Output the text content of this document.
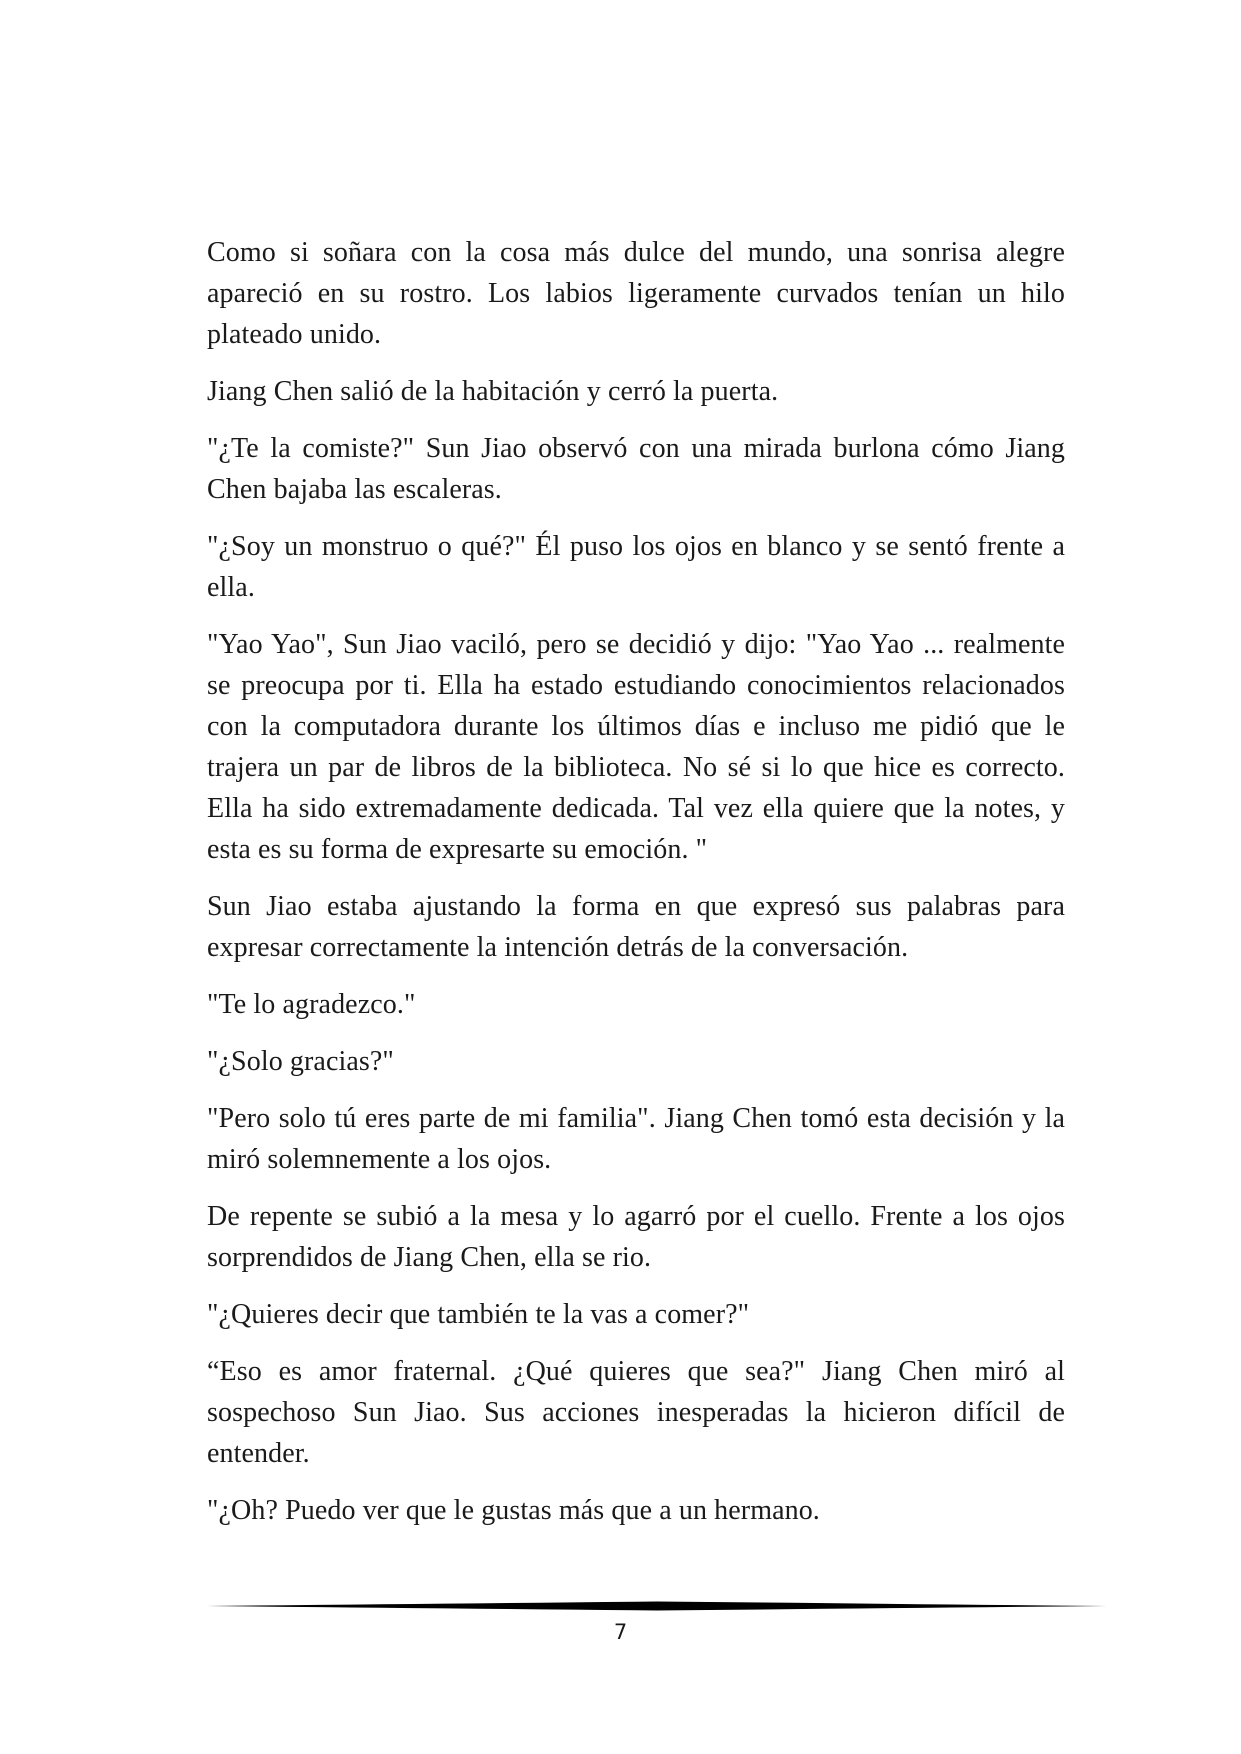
Como si soñara con la cosa más dulce del mundo, una sonrisa alegre apareció en su rostro. Los labios ligeramente curvados tenían un hilo plateado unido.

Jiang Chen salió de la habitación y cerró la puerta.

"¿Te la comiste?" Sun Jiao observó con una mirada burlona cómo Jiang Chen bajaba las escaleras.

"¿Soy un monstruo o qué?" Él puso los ojos en blanco y se sentó frente a ella.

"Yao Yao", Sun Jiao vaciló, pero se decidió y dijo: "Yao Yao ... realmente se preocupa por ti. Ella ha estado estudiando conocimientos relacionados con la computadora durante los últimos días e incluso me pidió que le trajera un par de libros de la biblioteca. No sé si lo que hice es correcto. Ella ha sido extremadamente dedicada. Tal vez ella quiere que la notes, y esta es su forma de expresarte su emoción. "

Sun Jiao estaba ajustando la forma en que expresó sus palabras para expresar correctamente la intención detrás de la conversación.

"Te lo agradezco."

"¿Solo gracias?"

"Pero solo tú eres parte de mi familia". Jiang Chen tomó esta decisión y la miró solemnemente a los ojos.

De repente se subió a la mesa y lo agarró por el cuello. Frente a los ojos sorprendidos de Jiang Chen, ella se rio.

"¿Quieres decir que también te la vas a comer?"

“Eso es amor fraternal. ¿Qué quieres que sea?" Jiang Chen miró al sospechoso Sun Jiao. Sus acciones inesperadas la hicieron difícil de entender.

"¿Oh? Puedo ver que le gustas más que a un hermano.

7
